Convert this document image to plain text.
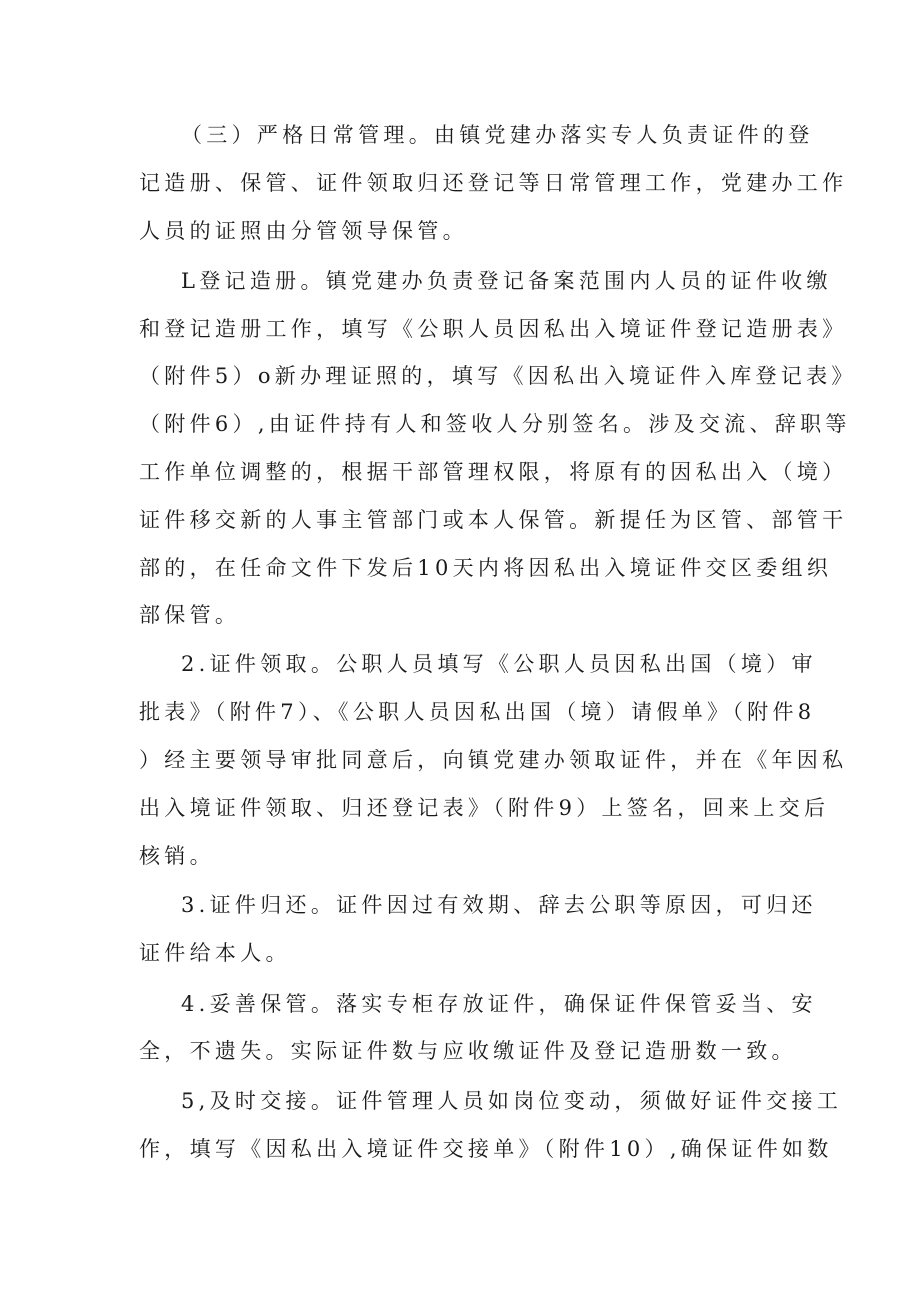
（三）严格日常管理。由镇党建办落实专人负责证件的登

记造册、保管、证件领取归还登记等日常管理工作，党建办工作

人员的证照由分管领导保管。

L登记造册。镇党建办负责登记备案范围内人员的证件收缴

和登记造册工作，填写《公职人员因私出入境证件登记造册表》

（附件5）o新办理证照的，填写《因私出入境证件入库登记表》

（附件6）,由证件持有人和签收人分别签名。涉及交流、辞职等

工作单位调整的，根据干部管理权限，将原有的因私出入（境）

证件移交新的人事主管部门或本人保管。新提任为区管、部管干

部的，在任命文件下发后10天内将因私出入境证件交区委组织

部保管。

2.证件领取。公职人员填写《公职人员因私出国（境）审

批表》（附件7）、《公职人员因私出国（境）请假单》（附件8

）经主要领导审批同意后，向镇党建办领取证件，并在《年因私

出入境证件领取、归还登记表》（附件9）上签名，回来上交后

核销。

3.证件归还。证件因过有效期、辞去公职等原因，可归还

证件给本人。

4.妥善保管。落实专柜存放证件，确保证件保管妥当、安

全，不遗失。实际证件数与应收缴证件及登记造册数一致。

5,及时交接。证件管理人员如岗位变动，须做好证件交接工

作，填写《因私出入境证件交接单》（附件10）,确保证件如数
